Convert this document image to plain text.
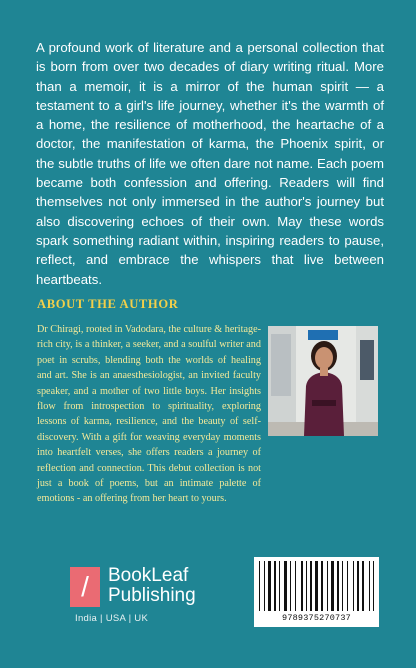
A profound work of literature and a personal collection that is born from over two decades of diary writing ritual. More than a memoir, it is a mirror of the human spirit — a testament to a girl's life journey, whether it's the warmth of a home, the resilience of motherhood, the heartache of a doctor, the manifestation of karma, the Phoenix spirit, or the subtle truths of life we often dare not name. Each poem became both confession and offering. Readers will find themselves not only immersed in the author's journey but also discovering echoes of their own. May these words spark something radiant within, inspiring readers to pause, reflect, and embrace the whispers that live between heartbeats.

ABOUT THE AUTHOR

Dr Chiragi, rooted in Vadodara, the culture & heritage-rich city, is a thinker, a seeker, and a soulful writer and poet in scrubs, blending both the worlds of healing and art. She is an anaesthesiologist, an invited faculty speaker, and a mother of two little boys. Her insights flow from introspection to spirituality, exploring lessons of karma, resilience, and the beauty of self-discovery. With a gift for weaving everyday moments into heartfelt verses, she offers readers a journey of reflection and connection. This debut collection is not just a book of poems, but an intimate palette of emotions - an offering from her heart to yours.

/	BookLeaf
Publishing
India | USA | UK	9789375270737
